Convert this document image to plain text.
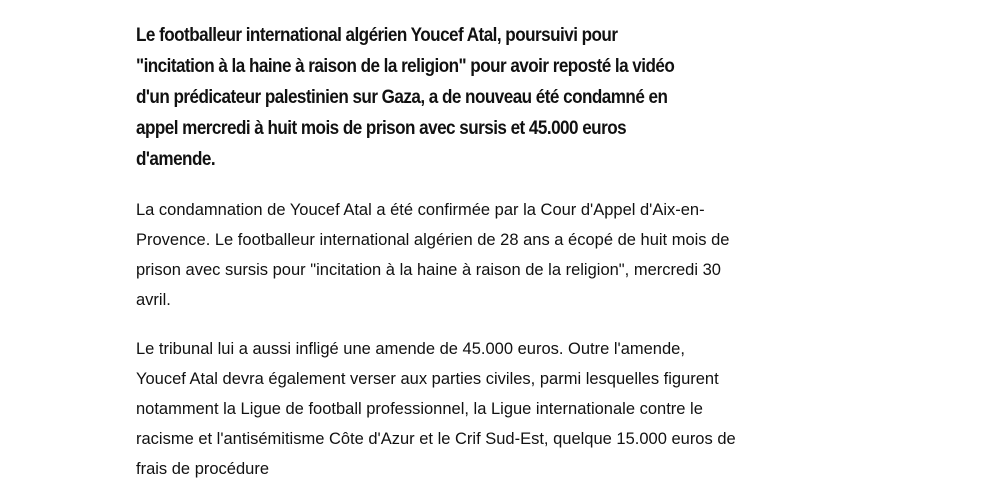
Le footballeur international algérien Youcef Atal, poursuivi pour "incitation à la haine à raison de la religion" pour avoir reposté la vidéo d'un prédicateur palestinien sur Gaza, a de nouveau été condamné en appel mercredi à huit mois de prison avec sursis et 45.000 euros d'amende.

La condamnation de Youcef Atal a été confirmée par la Cour d'Appel d'Aix-en-Provence. Le footballeur international algérien de 28 ans a écopé de huit mois de prison avec sursis pour "incitation à la haine à raison de la religion", mercredi 30 avril.

Le tribunal lui a aussi infligé une amende de 45.000 euros. Outre l'amende, Youcef Atal devra également verser aux parties civiles, parmi lesquelles figurent notamment la Ligue de football professionnel, la Ligue internationale contre le racisme et l'antisémitisme Côte d'Azur et le Crif Sud-Est, quelque 15.000 euros de frais de procédure
